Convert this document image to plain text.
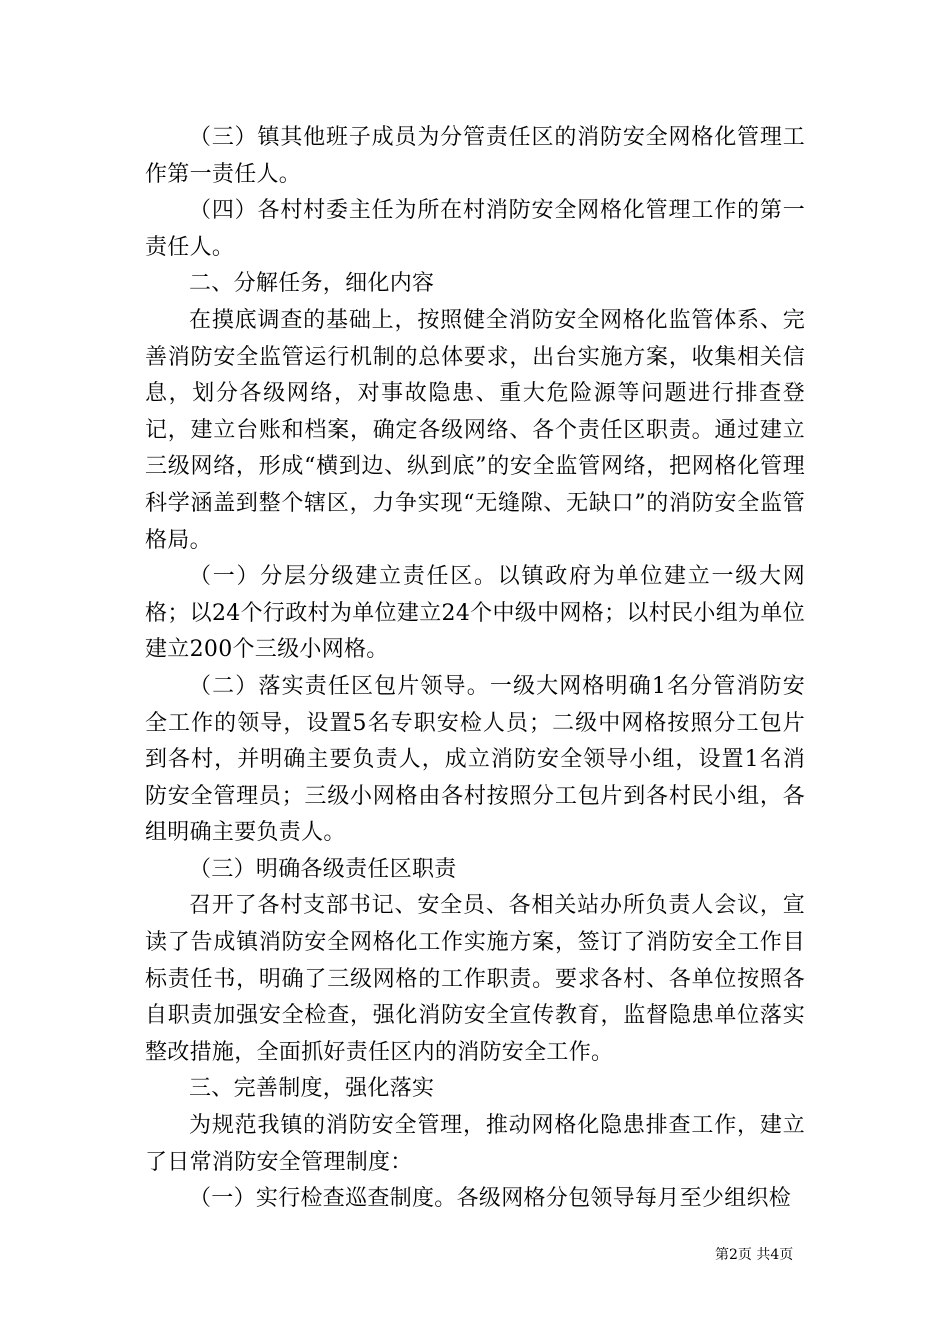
（三）镇其他班子成员为分管责任区的消防安全网格化管理工作第一责任人。

（四）各村村委主任为所在村消防安全网格化管理工作的第一责任人。

二、分解任务，细化内容

在摸底调查的基础上，按照健全消防安全网格化监管体系、完善消防安全监管运行机制的总体要求，出台实施方案，收集相关信息，划分各级网络，对事故隐患、重大危险源等问题进行排查登记，建立台账和档案，确定各级网络、各个责任区职责。通过建立三级网络，形成“横到边、纵到底”的安全监管网络，把网格化管理科学涵盖到整个辖区，力争实现“无缝隙、无缺口”的消防安全监管格局。

（一）分层分级建立责任区。以镇政府为单位建立一级大网格；以24个行政村为单位建立24个中级中网格；以村民小组为单位建立200个三级小网格。

（二）落实责任区包片领导。一级大网格明确1名分管消防安全工作的领导，设置5名专职安检人员；二级中网格按照分工包片到各村，并明确主要负责人，成立消防安全领导小组，设置1名消防安全管理员；三级小网格由各村按照分工包片到各村民小组，各组明确主要负责人。

（三）明确各级责任区职责

召开了各村支部书记、安全员、各相关站办所负责人会议，宣读了告成镇消防安全网格化工作实施方案，签订了消防安全工作目标责任书，明确了三级网格的工作职责。要求各村、各单位按照各自职责加强安全检查，强化消防安全宣传教育，监督隐患单位落实整改措施，全面抓好责任区内的消防安全工作。

三、完善制度，强化落实

为规范我镇的消防安全管理，推动网格化隐患排查工作，建立了日常消防安全管理制度：

（一）实行检查巡查制度。各级网格分包领导每月至少组织检

第2页 共4页
